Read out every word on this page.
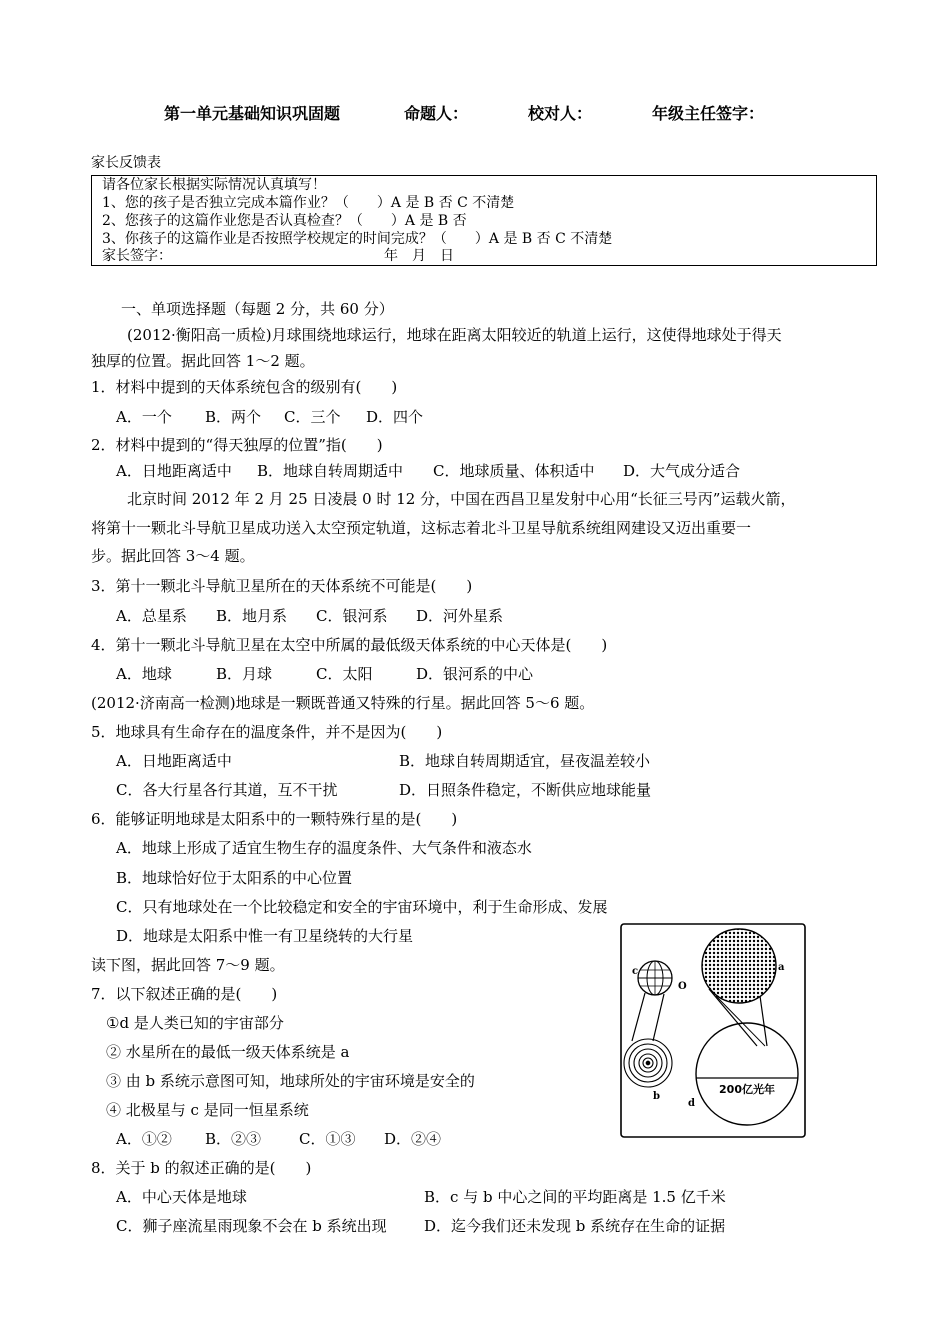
第一单元基础知识巩固题	命题人：	校对人：	年级主任签字：
家长反馈表
请各位家长根据实际情况认真填写！
1、您的孩子是否独立完成本篇作业？（　　）A 是 B 否 C 不清楚
2、您孩子的这篇作业您是否认真检查？（　　）A 是 B 否
3、你孩子的这篇作业是否按照学校规定的时间完成？（　　）A 是 B 否 C 不清楚
家长签字：	年　月　日
一、单项选择题（每题 2 分，共 60 分）
(2012·衡阳高一质检)月球围绕地球运行，地球在距离太阳较近的轨道上运行，这使得地球处于得天
独厚的位置。据此回答 1～2 题。
1．材料中提到的天体系统包含的级别有(　　)
A．一个 B．两个 C．三个 D．四个
2．材料中提到的“得天独厚的位置”指(　　)
A．日地距离适中 B．地球自转周期适中 C．地球质量、体积适中 D．大气成分适合
北京时间 2012 年 2 月 25 日凌晨 0 时 12 分，中国在西昌卫星发射中心用“长征三号丙”运载火箭，
将第十一颗北斗导航卫星成功送入太空预定轨道，这标志着北斗卫星导航系统组网建设又迈出重要一
步。据此回答 3～4 题。
3．第十一颗北斗导航卫星所在的天体系统不可能是(　　)
A．总星系 B．地月系 C．银河系 D．河外星系
4．第十一颗北斗导航卫星在太空中所属的最低级天体系统的中心天体是(　　)
A．地球	B．月球	C．太阳	D．银河系的中心
(2012·济南高一检测)地球是一颗既普通又特殊的行星。据此回答 5～6 题。
5．地球具有生命存在的温度条件，并不是因为(　　)
A．日地距离适中	B．地球自转周期适宜，昼夜温差较小
C．各大行星各行其道，互不干扰	D．日照条件稳定，不断供应地球能量
6．能够证明地球是太阳系中的一颗特殊行星的是(　　)
A．地球上形成了适宜生物生存的温度条件、大气条件和液态水
B．地球恰好位于太阳系的中心位置
C．只有地球处在一个比较稳定和安全的宇宙环境中，利于生命形成、发展
D．地球是太阳系中惟一有卫星绕转的大行星
读下图，据此回答 7～9 题。
7．以下叙述正确的是(　　)
①d 是人类已知的宇宙部分
② 水星所在的最低一级天体系统是 a
③ 由 b 系统示意图可知，地球所处的宇宙环境是安全的
④ 北极星与 c 是同一恒星系统
A．①② B．②③	C．①③ D．②④
8．关于 b 的叙述正确的是(　　)
A．中心天体是地球	B．c 与 b 中心之间的平均距离是 1.5 亿千米
C．狮子座流星雨现象不会在 b 系统出现 D．迄今我们还未发现 b 系统存在生命的证据
c
O
a
b
d
200亿光年
